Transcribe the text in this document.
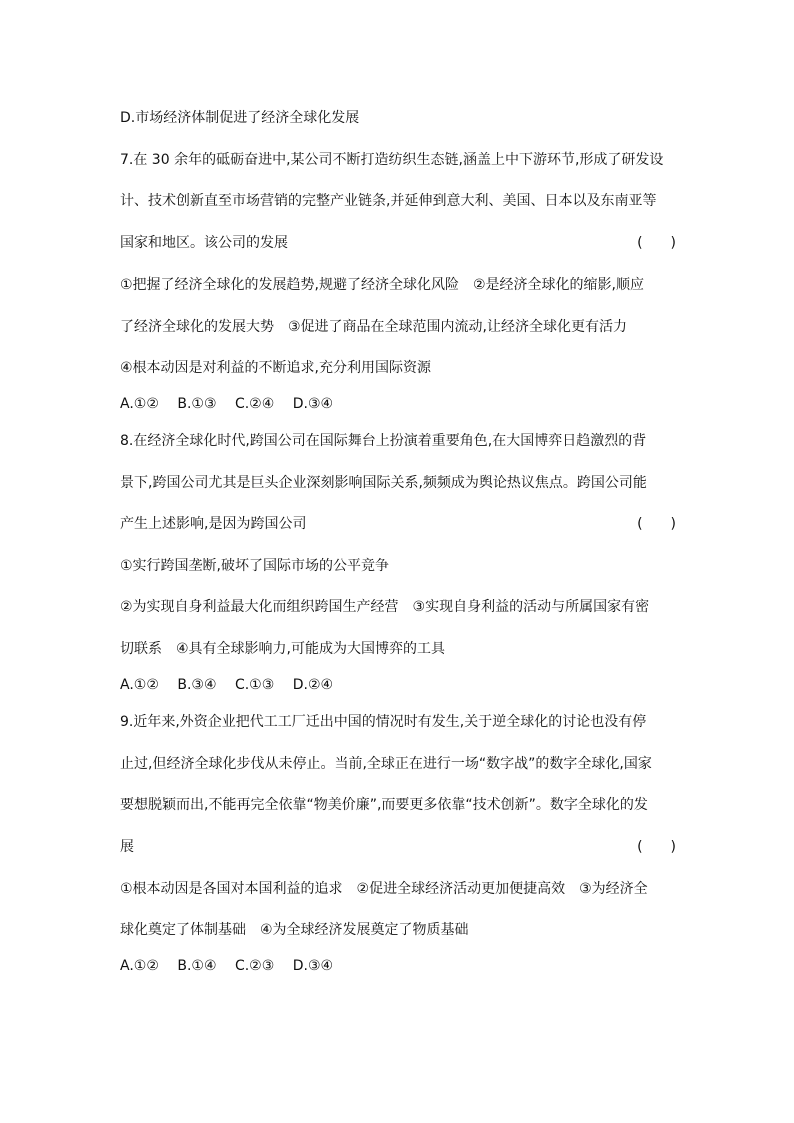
D.市场经济体制促进了经济全球化发展
7.在 30 余年的砥砺奋进中,某公司不断打造纺织生态链,涵盖上中下游环节,形成了研发设
计、技术创新直至市场营销的完整产业链条,并延伸到意大利、美国、日本以及东南亚等
国家和地区。该公司的发展	(　　)
①把握了经济全球化的发展趋势,规避了经济全球化风险　②是经济全球化的缩影,顺应
了经济全球化的发展大势　③促进了商品在全球范围内流动,让经济全球化更有活力
④根本动因是对利益的不断追求,充分利用国际资源
A.①② B.①③ C.②④ D.③④
8.在经济全球化时代,跨国公司在国际舞台上扮演着重要角色,在大国博弈日趋激烈的背
景下,跨国公司尤其是巨头企业深刻影响国际关系,频频成为舆论热议焦点。跨国公司能
产生上述影响,是因为跨国公司	(　　)
①实行跨国垄断,破坏了国际市场的公平竞争
②为实现自身利益最大化而组织跨国生产经营　③实现自身利益的活动与所属国家有密
切联系　④具有全球影响力,可能成为大国博弈的工具
A.①② B.③④ C.①③ D.②④
9.近年来,外资企业把代工工厂迁出中国的情况时有发生,关于逆全球化的讨论也没有停
止过,但经济全球化步伐从未停止。当前,全球正在进行一场“数字战”的数字全球化,国家
要想脱颖而出,不能再完全依靠“物美价廉”,而要更多依靠“技术创新”。数字全球化的发
展	(　　)
①根本动因是各国对本国利益的追求　②促进全球经济活动更加便捷高效　③为经济全
球化奠定了体制基础　④为全球经济发展奠定了物质基础
A.①② B.①④ C.②③ D.③④
